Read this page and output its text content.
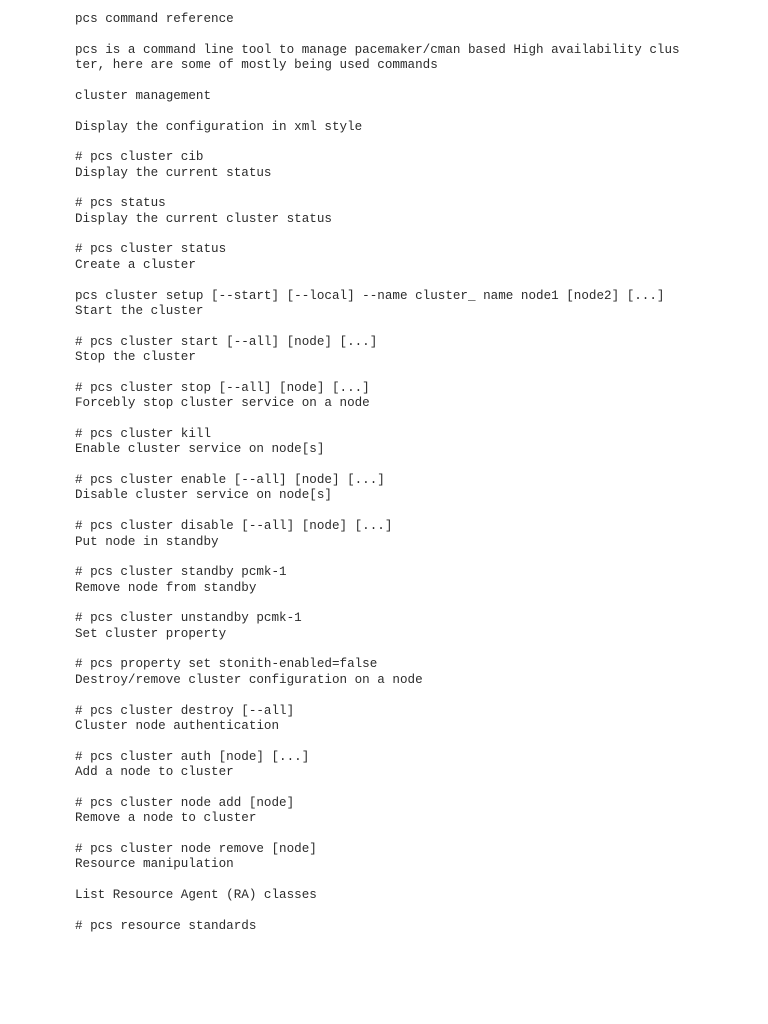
pcs command reference
pcs is a command line tool to manage pacemaker/cman based High availability clus
ter, here are some of mostly being used commands
cluster management
Display the configuration in xml style
# pcs cluster cib
Display the current status
# pcs status
Display the current cluster status
# pcs cluster status
Create a cluster
pcs cluster setup [--start] [--local] --name cluster_ name node1 [node2] [...]
Start the cluster
# pcs cluster start [--all] [node] [...]
Stop the cluster
# pcs cluster stop [--all] [node] [...]
Forcebly stop cluster service on a node
# pcs cluster kill
Enable cluster service on node[s]
# pcs cluster enable [--all] [node] [...]
Disable cluster service on node[s]
# pcs cluster disable [--all] [node] [...]
Put node in standby
# pcs cluster standby pcmk-1
Remove node from standby
# pcs cluster unstandby pcmk-1
Set cluster property
# pcs property set stonith-enabled=false
Destroy/remove cluster configuration on a node
# pcs cluster destroy [--all]
Cluster node authentication
# pcs cluster auth [node] [...]
Add a node to cluster
# pcs cluster node add [node]
Remove a node to cluster
# pcs cluster node remove [node]
Resource manipulation
List Resource Agent (RA) classes
# pcs resource standards
